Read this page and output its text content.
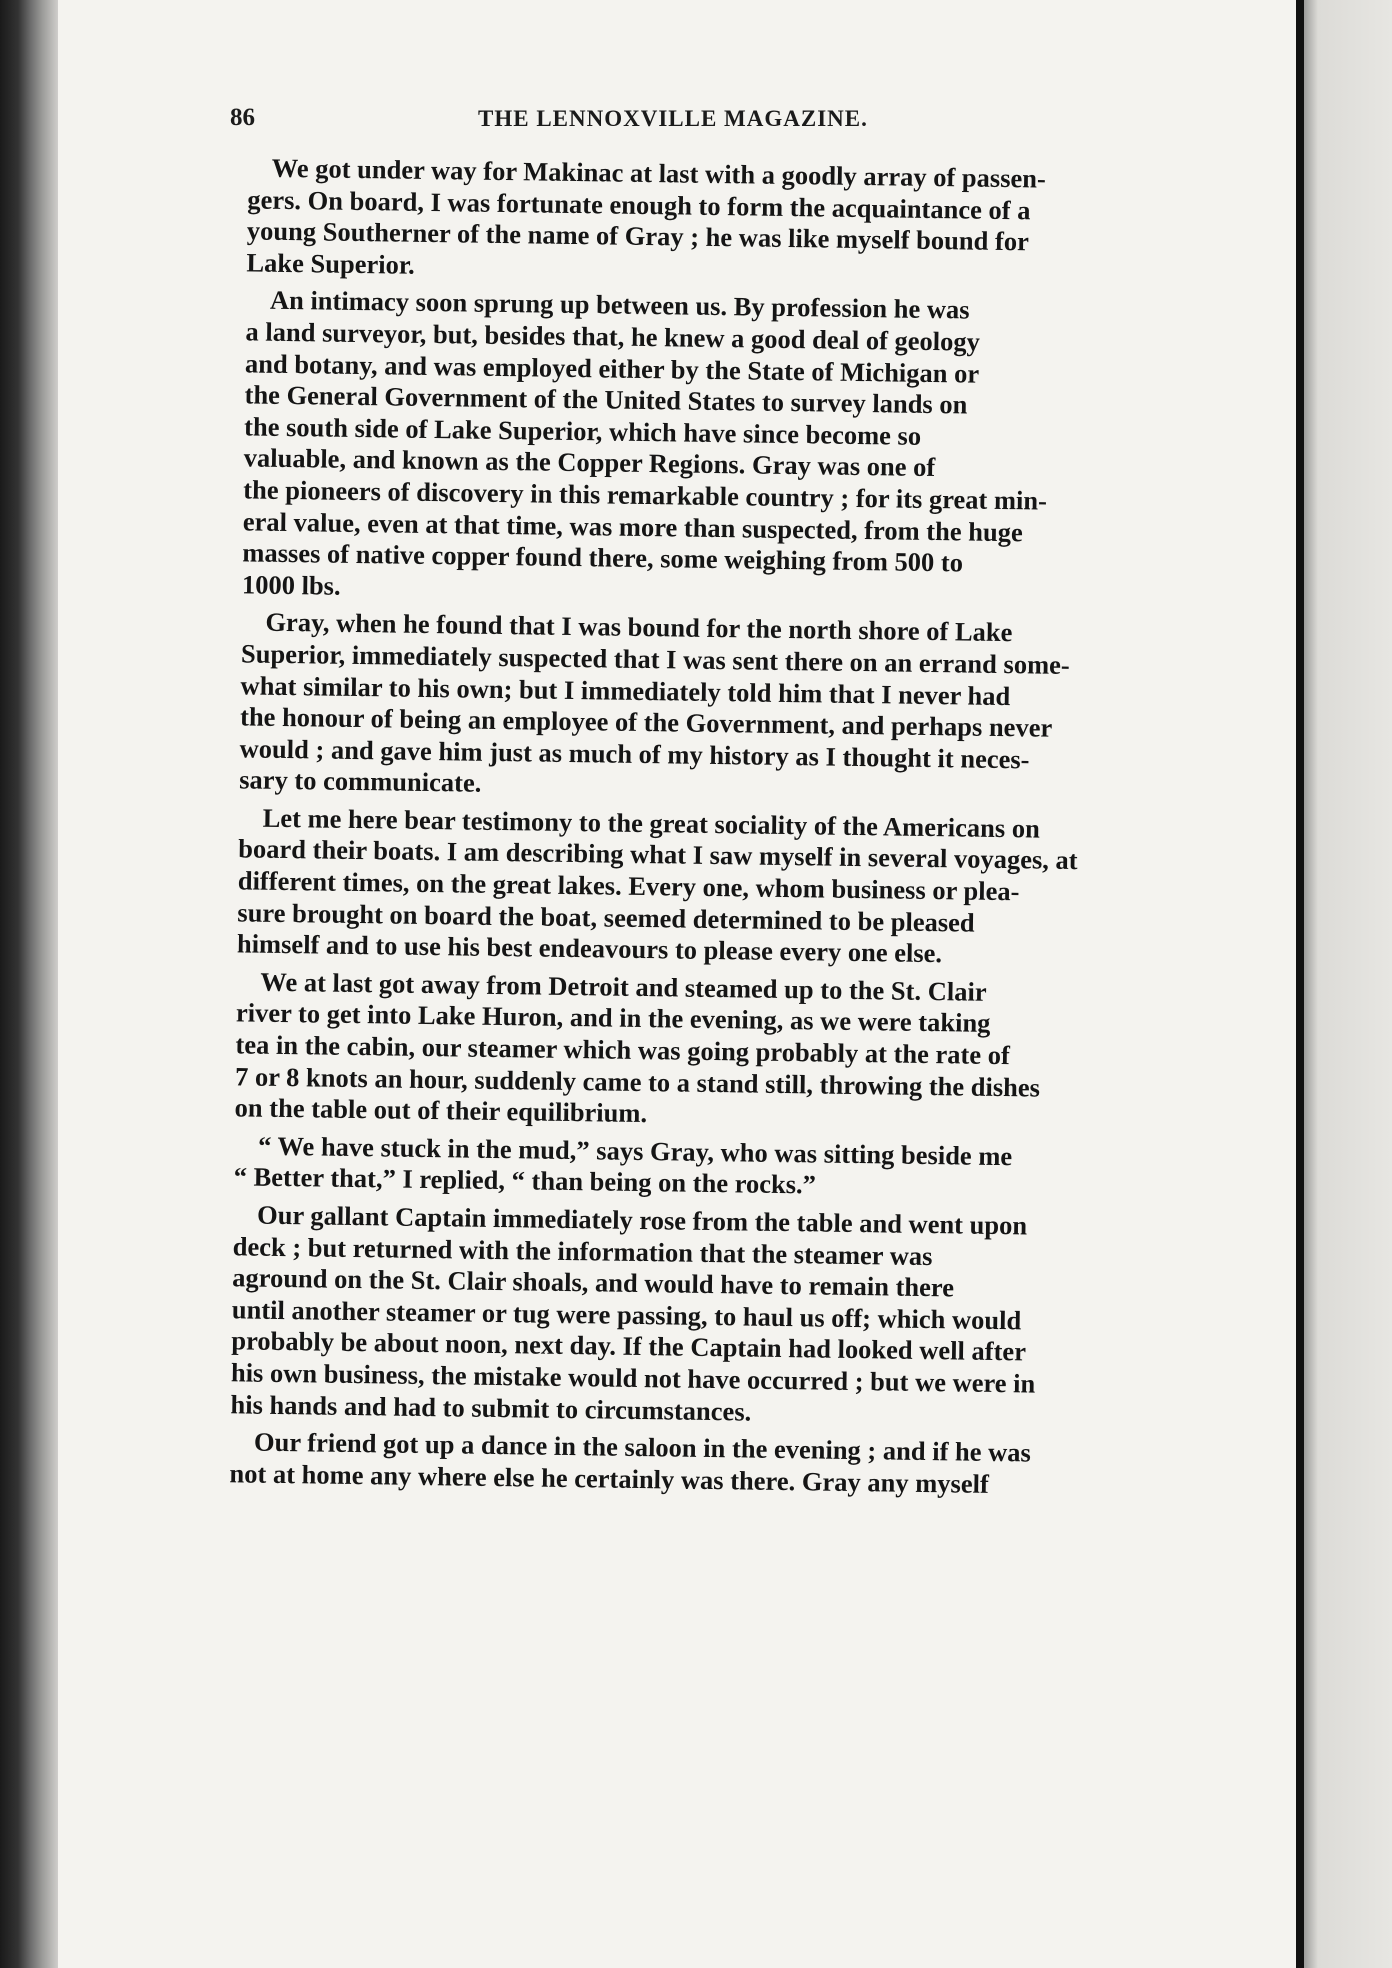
86	THE LENNOXVILLE MAGAZINE.

We got under way for Makinac at last with a goodly array of passen-
gers. On board, I was fortunate enough to form the acquaintance of a
young Southerner of the name of Gray ; he was like myself bound for
Lake Superior.

An intimacy soon sprung up between us. By profession he was
a land surveyor, but, besides that, he knew a good deal of geology
and botany, and was employed either by the State of Michigan or
the General Government of the United States to survey lands on
the south side of Lake Superior, which have since become so
valuable, and known as the Copper Regions. Gray was one of
the pioneers of discovery in this remarkable country ; for its great min-
eral value, even at that time, was more than suspected, from the huge
masses of native copper found there, some weighing from 500 to
1000 lbs.

Gray, when he found that I was bound for the north shore of Lake
Superior, immediately suspected that I was sent there on an errand some-
what similar to his own; but I immediately told him that I never had
the honour of being an employee of the Government, and perhaps never
would ; and gave him just as much of my history as I thought it neces-
sary to communicate.

Let me here bear testimony to the great sociality of the Americans on
board their boats. I am describing what I saw myself in several voyages, at
different times, on the great lakes. Every one, whom business or plea-
sure brought on board the boat, seemed determined to be pleased
himself and to use his best endeavours to please every one else.

We at last got away from Detroit and steamed up to the St. Clair
river to get into Lake Huron, and in the evening, as we were taking
tea in the cabin, our steamer which was going probably at the rate of
7 or 8 knots an hour, suddenly came to a stand still, throwing the dishes
on the table out of their equilibrium.

“ We have stuck in the mud,” says Gray, who was sitting beside me
“ Better that,” I replied, “ than being on the rocks.”

Our gallant Captain immediately rose from the table and went upon
deck ; but returned with the information that the steamer was
aground on the St. Clair shoals, and would have to remain there
until another steamer or tug were passing, to haul us off; which would
probably be about noon, next day. If the Captain had looked well after
his own business, the mistake would not have occurred ; but we were in
his hands and had to submit to circumstances.

Our friend got up a dance in the saloon in the evening ; and if he was
not at home any where else he certainly was there. Gray any myself
